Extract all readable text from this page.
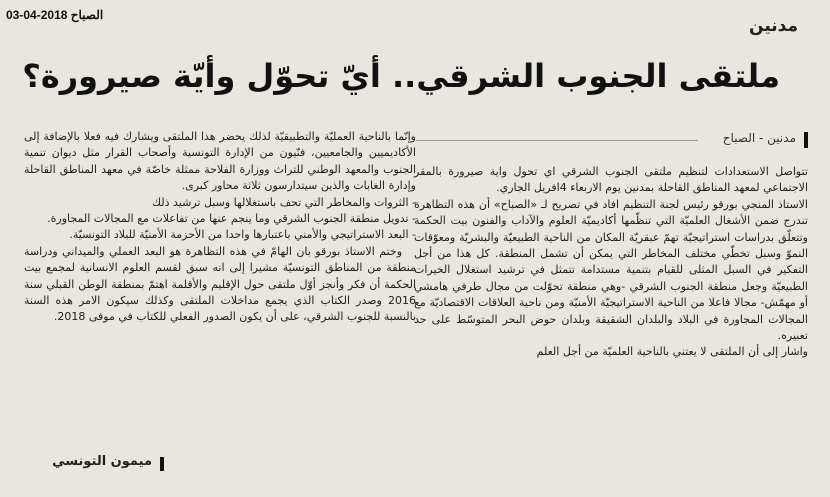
الصباح 2018-04-03
مدنين
ملتقى الجنوب الشرقي.. أيّ تحوّل وأيّة صيرورة؟
مدنين - الصباح

تتواصل الاستعدادات لتنظيم ملتقى الجنوب الشرقي اي تحول واية صيرورة بالمقر الاجتماعي لمعهد المناطق القاحلة بمدنين يوم الاربعاء 4افريل الجاري.

الاستاذ المنجي بورقو رئيس لجنة التنظيم افاد في تصريح لـ «الصباح» أن هذه التظاهرة تندرج ضمن الأشغال العلميّة التي تنظّمها أكاديميّة العلوم والآداب والفنون بيت الحكمة وتتعلّق بدراسات استراتيجيّة تهمّ عبقريّة المكان من الناحية الطبيعيّة والبشريّة ومعوّقات النموّ وسبل تخطّي مختلف المخاطر التي يمكن أن تشمل المنطقة. كل هذا من أجل التفكير في السبل المثلى للقيام بتنمية مستدامة تتمثل في ترشيد استغلال الخيرات الطبيعيّة وجعل منطقة الجنوب الشرقي -وهي منطقة تحوّلت من مجال طرفي هامشي أو مهمّش- مجالا فاعلا من الناحية الاستراتيجيّة الأمنيّة ومن ناحية العلاقات الاقتصاديّة مع المجالات المجاورة في البلاد والبلدان الشقيقة وبلدان حوض البحر المتوسّط على حد تعبيره.

واشار إلى أن الملتقى لا يعتني بالناحية العلميّة من أجل العلم

وإنّما بالناحية العمليّة والتطبيقيّة لذلك يحضر هذا الملتقى ويشارك فيه فعلا بالإضافة إلى الأكاديميين والجامعيين، فنّيون من الإدارة التونسية وأصحاب القرار مثل ديوان تنمية الجنوب والمعهد الوطني للتراث ووزارة الفلاحة ممثلة خاصّة في معهد المناطق القاحلة وإدارة الغابات والذين سيتدارسون ثلاثة محاور كبرى.

- الثروات والمخاطر التي تحف باستغلالها وسبل ترشيد ذلك

- تدويل منطقة الجنوب الشرقي وما ينجم عنها من تفاعلات مع المجالات المجاورة.

- البعد الاستراتيجي والأمني باعتبارها واحدا من الأحزمة الأمنيّة للبلاد التونسيّة.

وختم الاستاذ بورقو بان الهامّ في هذه التظاهرة هو البعد العملي والميداني ودراسة منطقة من المناطق التونسيّة مشيرا إلى انه سبق لقسم العلوم الانسانية لمجمع بيت الحكمة أن فكر وأنجز أوّل ملتقى حول الإقليم والأقلمة اهتمّ بمنطقة الوطن القبلي سنة 2016 وصدر الكتاب الذي يجمع مداخلات الملتقى وكذلك سيكون الامر هذه السنة بالنسبة للجنوب الشرقي، على أن يكون الصدور الفعلي للكتاب في موفى 2018.

ميمون التونسي
